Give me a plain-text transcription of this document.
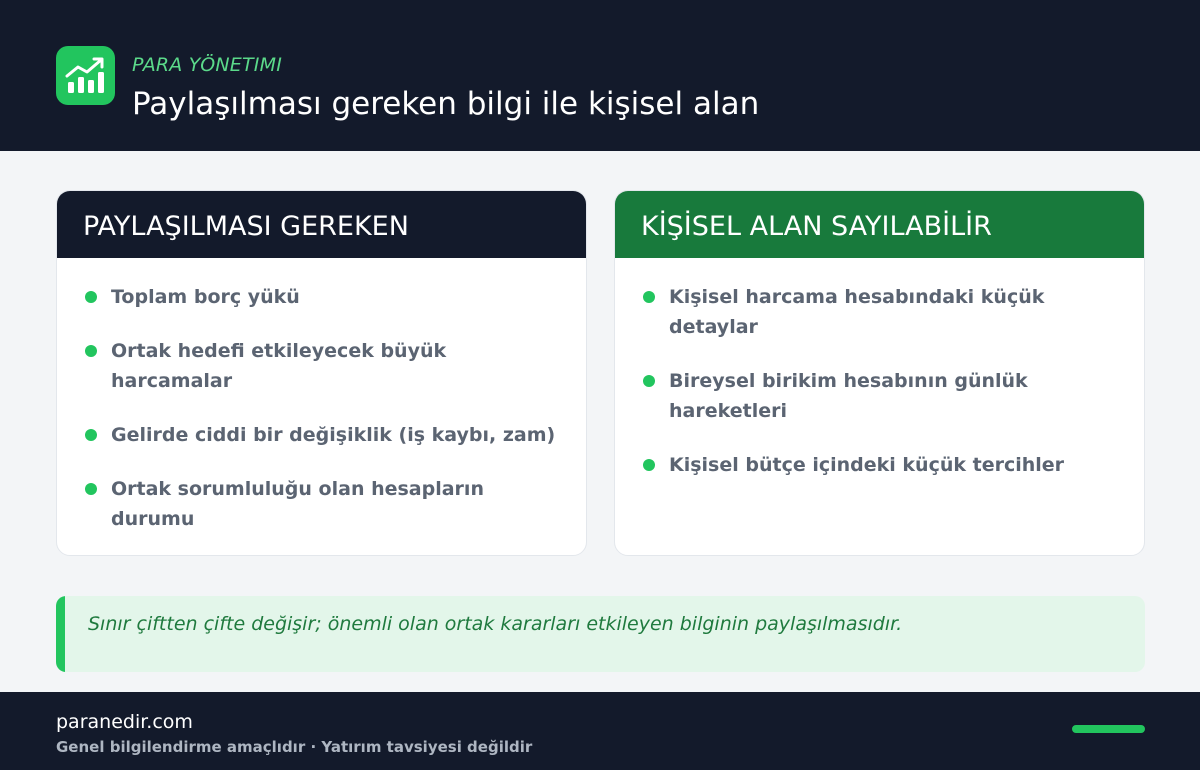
PARA YÖNETIMI
Paylaşılması gereken bilgi ile kişisel alan
PAYLAŞILMASI GEREKEN
Toplam borç yükü
Ortak hedefi etkileyecek büyük harcamalar
Gelirde ciddi bir değişiklik (iş kaybı, zam)
Ortak sorumluluğu olan hesapların durumu
KİŞİSEL ALAN SAYILABİLİR
Kişisel harcama hesabındaki küçük detaylar
Bireysel birikim hesabının günlük hareketleri
Kişisel bütçe içindeki küçük tercihler
Sınır çiftten çifte değişir; önemli olan ortak kararları etkileyen bilginin paylaşılmasıdır.
paranedir.com
Genel bilgilendirme amaçlıdır · Yatırım tavsiyesi değildir
